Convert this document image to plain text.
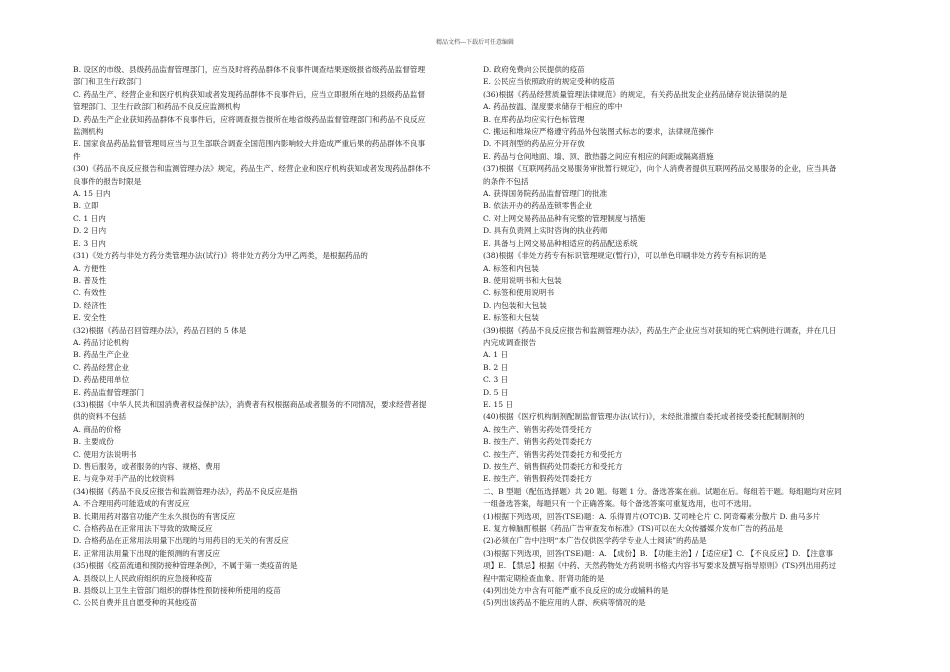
精品文档---下载后可任意编辑
B. 设区的市级、县级药品监督管理部门，应当及时将药品群体不良事件调查结果逐级报省级药品监督管理
部门和卫生行政部门
C. 药品生产、经营企业和医疗机构获知或者发现药品群体不良事件后，应当立即报所在地的县级药品监督
管理部门、卫生行政部门和药品不良反应监测机构
D. 药品生产企业获知药品群体不良事件后，应将调查报告报所在地省级药品监督管理部门和药品不良反应
监测机构
E. 国家食品药品监督管理局应当与卫生部联合调查全国范围内影响较大并造成严重后果的药品群体不良事
件
(30)《药品不良反应报告和监测管理办法》规定，药品生产、经营企业和医疗机构获知或者发现药品群体不
良事件的报告时限是
A. 15 日内
B. 立即
C. 1 日内
D. 2 日内
E. 3 日内
(31)《处方药与非处方药分类管理办法(试行)》将非处方药分为甲乙两类，是根据药品的
A. 方便性
B. 普及性
C. 有效性
D. 经济性
E. 安全性
(32)根据《药品召回管理办法》，药品召回的 5 体是
A. 药品讨论机构
B. 药品生产企业
C. 药品经营企业
D. 药品使用单位
E. 药品监督管理部门
(33)根据《中华人民共和国消费者权益保护法》，消费者有权根据商品或者服务的不同情况，要求经营者提
供的资料不包括
A. 商品的价格
B. 主要成份
C. 使用方法说明书
D. 售后服务，或者服务的内容、规格、费用
E. 与竞争对手产品的比较资料
(34)根据《药品不良反应报告和监测管理办法》，药品不良反应是指
A. 不合理用药可能造成的有害反应
B. 长期用药对器官功能产生永久损伤的有害反应
C. 合格药品在正常用法下导致的致畸反应
D. 合格药品在正常用法用量下出现的与用药目的无关的有害反应
E. 正常用法用量下出现的能预测的有害反应
(35)根据《疫苗流通和预防接种管理条例》，不属于第一类疫苗的是
A. 县级以上人民政府组织的应急接种疫苗
B. 县级以上卫生主管部门组织的群体性预防接种所使用的疫苗
C. 公民自费并且自愿受种的其他疫苗
D. 政府免费向公民提供的疫苗
E. 公民应当依照政府的规定受种的疫苗
(36)根据《药品经营质量管理法律规范》的规定，有关药品批发企业药品储存说法错误的是
A. 药品按温、湿度要求储存于相应的库中
B. 在库药品均应实行色标管理
C. 搬运和堆垛应严格遵守药品外包装图式标志的要求，法律规范操作
D. 不同剂型的药品应分开存放
E. 药品与仓间地面、墙、顶、散热器之间应有相应的间距或隔离措施
(37)根据《互联网药品交易服务审批暂行规定》，向个人消费者提供互联网药品交易服务的企业，应当具备
的条件不包括
A. 获得国务院药品监督管理门的批准
B. 依法开办的药品连锁零售企业
C. 对上网交易药品品种有完整的管理制度与措施
D. 具有负责网上实时咨询的执业药师
E. 具备与上网交易品种相适应的药品配送系统
(38)根据《非处方药专有标识管理规定(暂行)》，可以单色印刷非处方药专有标识的是
A. 标签和内包装
B. 使用说明书和大包装
C. 标签和使用说明书
D. 内包装和大包装
E. 标签和大包装
(39)根据《药品不良反应报告和监测管理办法》，药品生产企业应当对获知的死亡病例进行调查，并在几日
内完成调查报告
A. 1 日
B. 2 日
C. 3 日
D. 5 日
E. 15 日
(40)根据《医疗机构制剂配制监督管理办法(试行)》，未经批准擅自委托或者接受委托配制制剂的
A. 按生产、销售劣药处罚受托方
B. 按生产、销售劣药处罚委托方
C. 按生产、销售劣药处罚委托方和受托方
D. 按生产、销售假药处罚委托方和受托方
E. 按生产、销售假药处罚委托方
二、B 型题（配伍选择题）共 20 题。每题 1 分。备选答案在前。试题在后。每组若干题。每组题均对应同
一组备选答案，每题只有一个正确答案。每个备选答案可重复选用，也可不选用。
(1)根据下列选项，回答(TSE)题：A. 乐得胃片(OTC)B. 艾司唑仑片 C. 阿奇霉素分散片 D. 曲马多片
E. 复方樟脑酊根据《药品广告审查发布标准》(TS)可以在大众传播媒介发布广告的药品是
(2)必须在广告中注明“本广告仅供医学药学专业人士阅读”的药品是
(3)根据下列选项，回答(TSE)题：A. 【成份】B. 【功能主治】/【适应症】C. 【不良反应】D. 【注意事
项】E. 【禁忌】根据《中药、天然药物处方药说明书格式内容书写要求及撰写指导原则》(TS)列出用药过
程中需定期检查血象、肝肾功能的是
(4)列出处方中含有可能严重不良反应的成分或辅料的是
(5)列出该药品不能应用的人群、疾病等情况的是
